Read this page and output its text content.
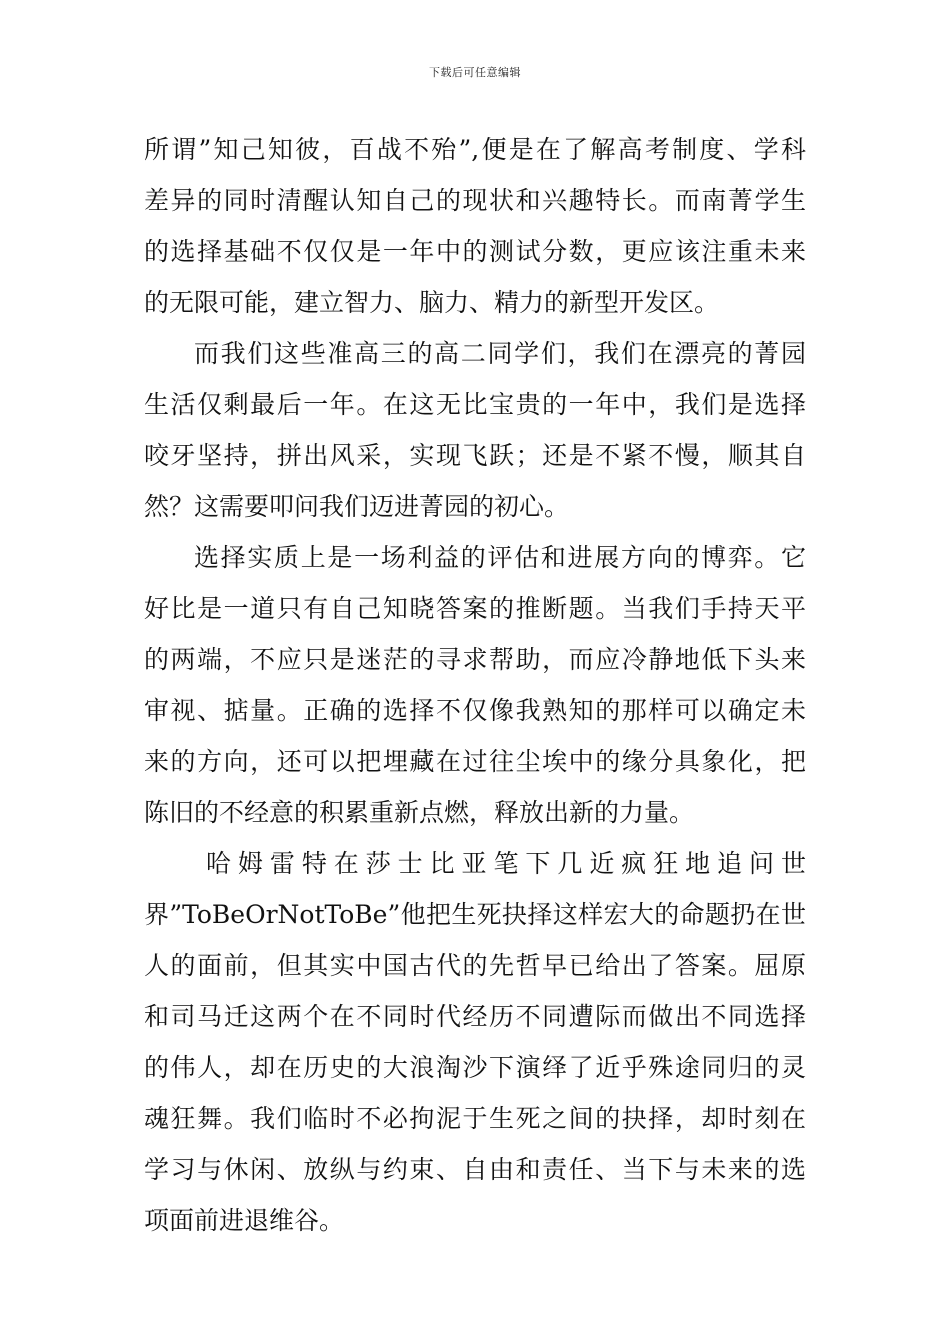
下载后可任意编辑
所谓”知己知彼，百战不殆”,便是在了解高考制度、学科
差异的同时清醒认知自己的现状和兴趣特长。而南菁学生
的选择基础不仅仅是一年中的测试分数，更应该注重未来
的无限可能，建立智力、脑力、精力的新型开发区。
而我们这些准高三的高二同学们，我们在漂亮的菁园
生活仅剩最后一年。在这无比宝贵的一年中，我们是选择
咬牙坚持，拼出风采，实现飞跃；还是不紧不慢，顺其自
然？这需要叩问我们迈进菁园的初心。
选择实质上是一场利益的评估和进展方向的博弈。它
好比是一道只有自己知晓答案的推断题。当我们手持天平
的两端，不应只是迷茫的寻求帮助，而应冷静地低下头来
审视、掂量。正确的选择不仅像我熟知的那样可以确定未
来的方向，还可以把埋藏在过往尘埃中的缘分具象化，把
陈旧的不经意的积累重新点燃，释放出新的力量。
哈姆雷特在莎士比亚笔下几近疯狂地追问世
界”ToBeOrNotToBe”他把生死抉择这样宏大的命题扔在世
人的面前，但其实中国古代的先哲早已给出了答案。屈原
和司马迁这两个在不同时代经历不同遭际而做出不同选择
的伟人，却在历史的大浪淘沙下演绎了近乎殊途同归的灵
魂狂舞。我们临时不必拘泥于生死之间的抉择，却时刻在
学习与休闲、放纵与约束、自由和责任、当下与未来的选
项面前进退维谷。
